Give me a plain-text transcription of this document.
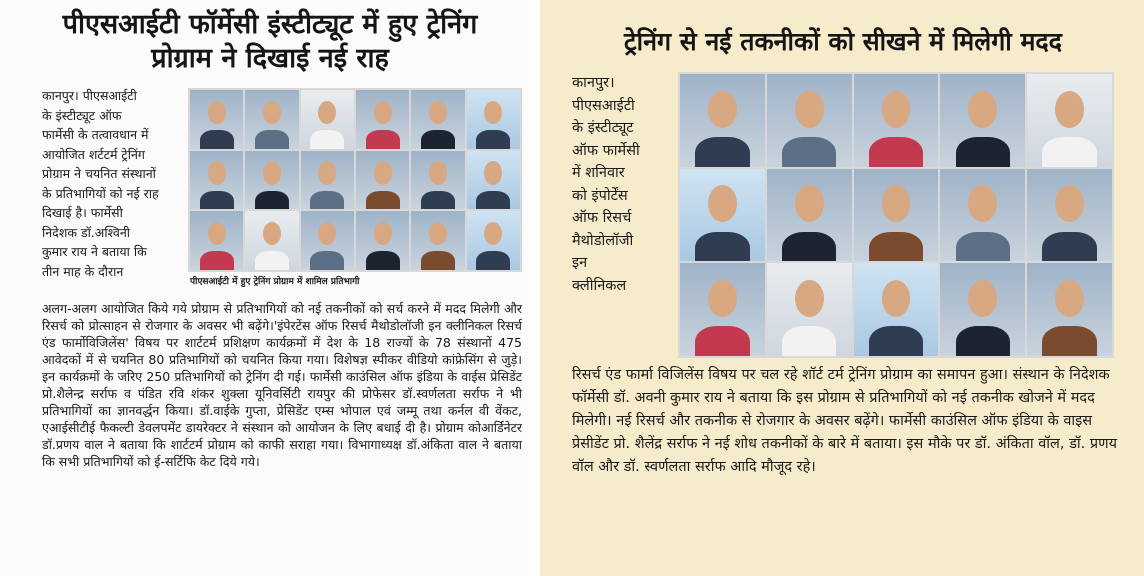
पीएसआईटी फॉर्मेसी इंस्टीट्यूट में हुए ट्रेनिंग प्रोग्राम ने दिखाई नई राह
कानपुर। पीएसआईटी
के इंस्टीट्यूट ऑफ
फार्मेसी के तत्वावधान में
आयोजित शर्टटर्म ट्रेनिंग
प्रोग्राम ने चयनित संस्थानों
के प्रतिभागियों को नई राह
दिखाई है। फार्मेसी
निदेशक डॉ.अश्विनी
कुमार राय ने बताया कि
तीन माह के दौरान
पीएसआईटी में हुए ट्रेनिंग प्रोग्राम में शामिल प्रतिभागी

अलग-अलग आयोजित किये गये प्रोग्राम से प्रतिभागियों को नई तकनीकों को सर्च करने में मदद मिलेगी और रिसर्च को प्रोत्साहन से रोजगार के अवसर भी बढ़ेंगे।'इंपेरटेंस ऑफ रिसर्च मैथोडोलॉजी इन क्लीनिकल रिसर्च एंड फार्मोविजिलेंस' विषय पर शार्टटर्म प्रशिक्षण कार्यक्रमों में देश के 18 राज्यों के 78 संस्थानों 475 आवेदकों में से चयनित 80 प्रतिभागियों को चयनित किया गया। विशेषज्ञ स्पीकर वीडियो कांफ्रेसिंग से जुड़े। इन कार्यक्रमों के जरिए 250 प्रतिभागियों को ट्रेनिंग दी गई। फार्मेसी काउंसिल ऑफ इंडिया के वाईस प्रेसिडेंट प्रो.शैलेन्द्र सर्राफ व पंडित रवि शंकर शुक्ला यूनिवर्सिटी रायपुर की प्रोफेसर डॉ.स्वर्णलता सर्राफ ने भी प्रतिभागियों का ज्ञानवर्द्धन किया। डॉ.वाईके गुप्ता, प्रेसिडेंट एम्स भोपाल एवं जम्मू तथा कर्नल वी वेंकट, एआईसीटीई फैकल्टी डेवलपमेंट डायरेक्टर ने संस्थान को आयोजन के लिए बधाई दी है। प्रोग्राम कोआर्डिनेटर डॉ.प्रणय वाल ने बताया कि शार्टटर्म प्रोग्राम को काफी सराहा गया। विभागाध्यक्ष डॉ.अंकिता वाल ने बताया कि सभी प्रतिभागियों को ई-सर्टिफि केट दिये गये।

ट्रेनिंग से नई तकनीकों को सीखने में मिलेगी मदद
कानपुर।
पीएसआईटी
के इंस्टीट्यूट
ऑफ फार्मेसी
में शनिवार
को इंपोर्टेंस
ऑफ रिसर्च
मैथोडोलॉजी
इन
क्लीनिकल

रिसर्च एंड फार्मा विजिलेंस विषय पर चल रहे शॉर्ट टर्म ट्रेनिंग प्रोग्राम का समापन हुआ। संस्थान के निदेशक फॉर्मेसी डॉ. अवनी कुमार राय ने बताया कि इस प्रोग्राम से प्रतिभागियों को नई तकनीक खोजने में मदद मिलेगी। नई रिसर्च और तकनीक से रोजगार के अवसर बढ़ेंगे। फार्मेसी काउंसिल ऑफ इंडिया के वाइस प्रेसीडेंट प्रो. शैलेंद्र सर्राफ ने नई शोध तकनीकों के बारे में बताया। इस मौके पर डॉ. अंकिता वॉल, डॉ. प्रणय वॉल और डॉ. स्वर्णलता सर्राफ आदि मौजूद रहे।
